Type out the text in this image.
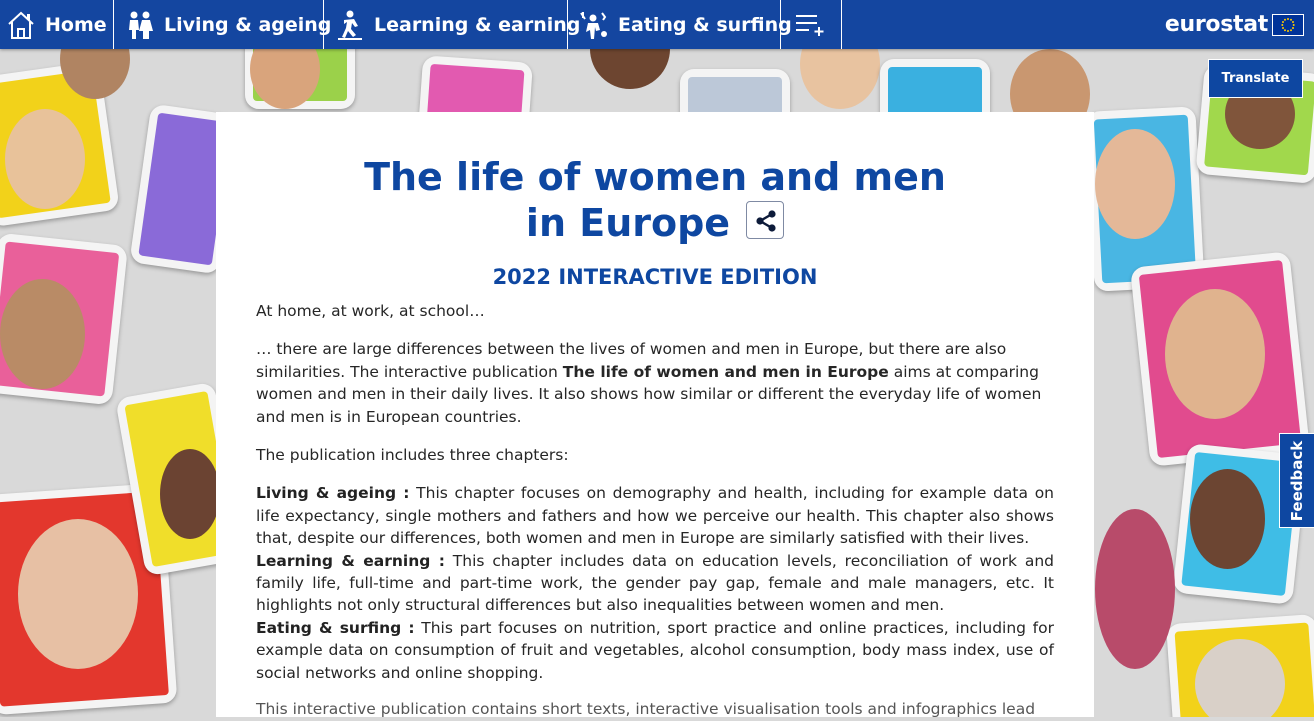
Home	Living & ageing Learning & earning Eating & surfing	eurostat
Translate
Feedback
The life of women and men
in Europe
2022 INTERACTIVE EDITION

At home, at work, at school…

… there are large differences between the lives of women and men in Europe, but there are also similarities. The interactive publication The life of women and men in Europe aims at comparing women and men in their daily lives. It also shows how similar or different the everyday life of women and men is in European countries.

The publication includes three chapters:

Living & ageing : This chapter focuses on demography and health, including for example data on life expectancy, single mothers and fathers and how we perceive our health. This chapter also shows that, despite our differences, both women and men in Europe are similarly satisfied with their lives.

Learning & earning : This chapter includes data on education levels, reconciliation of work and family life, full-time and part-time work, the gender pay gap, female and male managers, etc. It highlights not only structural differences but also inequalities between women and men.

Eating & surfing : This part focuses on nutrition, sport practice and online practices, including for example data on consumption of fruit and vegetables, alcohol consumption, body mass index, use of social networks and online shopping.

This interactive publication contains short texts, interactive visualisation tools and infographics lead
